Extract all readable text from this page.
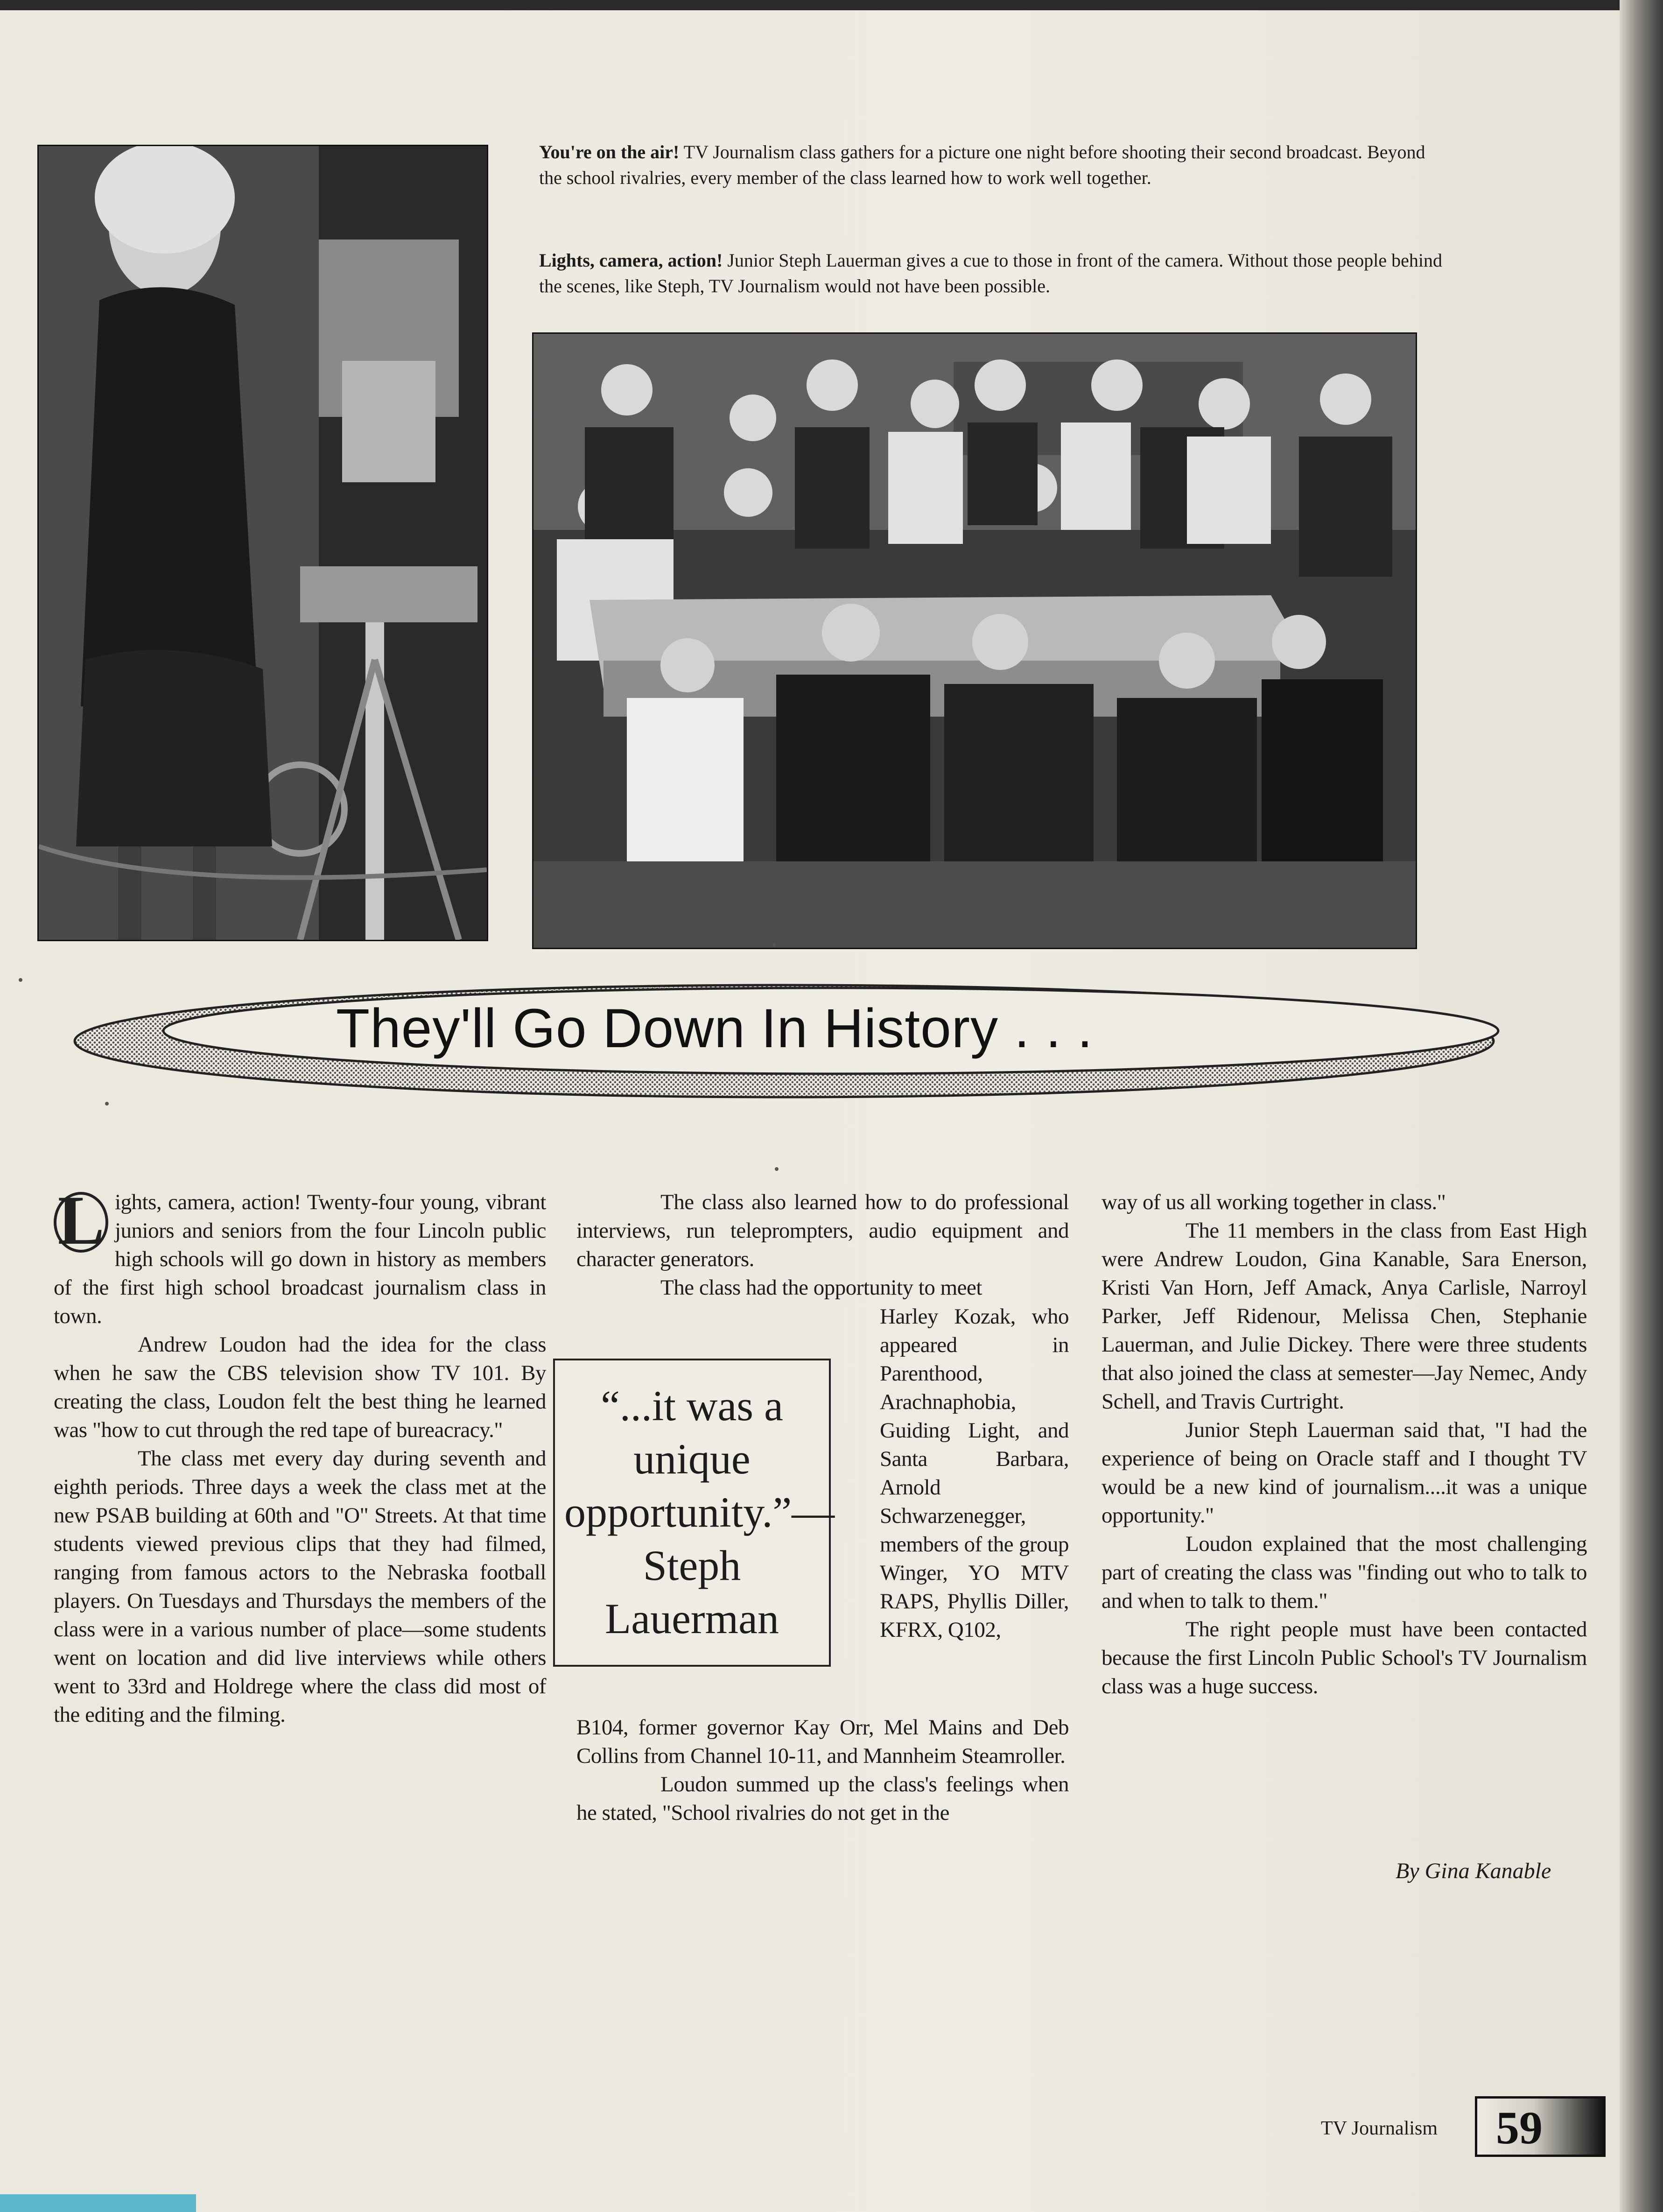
You're on the air! TV Journalism class gathers for a picture one night before shooting their second broadcast. Beyond the school rivalries, every member of the class learned how to work well together.
Lights, camera, action! Junior Steph Lauerman gives a cue to those in front of the camera. Without those people behind the scenes, like Steph, TV Journalism would not have been possible.
They'll Go Down In History . . .

L ights, camera, action! Twenty-four young, vibrant juniors and seniors from the four Lincoln public high schools will go down in history as members of the first high school broadcast journalism class in town.

Andrew Loudon had the idea for the class when he saw the CBS television show TV 101. By creating the class, Loudon felt the best thing he learned was "how to cut through the red tape of bureacracy."

The class met every day during seventh and eighth periods. Three days a week the class met at the new PSAB building at 60th and "O" Streets. At that time students viewed previous clips that they had filmed, ranging from famous actors to the Nebraska football players. On Tuesdays and Thursdays the members of the class were in a various number of place—some students went on location and did live interviews while others went to 33rd and Holdrege where the class did most of the editing and the filming.

The class also learned how to do professional interviews, run teleprompters, audio equipment and character generators.

The class had the opportunity to meet

Harley Kozak, who appeared in Parenthood, Arachnaphobia, Guiding Light, and Santa Barbara, Arnold Schwarzenegger, members of the group Winger, YO MTV RAPS, Phyllis Diller, KFRX, Q102,

B104, former governor Kay Orr, Mel Mains and Deb Collins from Channel 10-11, and Mannheim Steamroller.

Loudon summed up the class's feelings when he stated, "School rivalries do not get in the

“...it was a unique opportunity.”— Steph Lauerman

way of us all working together in class."

The 11 members in the class from East High were Andrew Loudon, Gina Kanable, Sara Enerson, Kristi Van Horn, Jeff Amack, Anya Carlisle, Narroyl Parker, Jeff Ridenour, Melissa Chen, Stephanie Lauerman, and Julie Dickey. There were three students that also joined the class at semester—Jay Nemec, Andy Schell, and Travis Curtright.

Junior Steph Lauerman said that, "I had the experience of being on Oracle staff and I thought TV would be a new kind of journalism....it was a unique opportunity."

Loudon explained that the most challenging part of creating the class was "finding out who to talk to and when to talk to them."

The right people must have been contacted because the first Lincoln Public School's TV Journalism class was a huge success.

By Gina Kanable
TV Journalism 59
